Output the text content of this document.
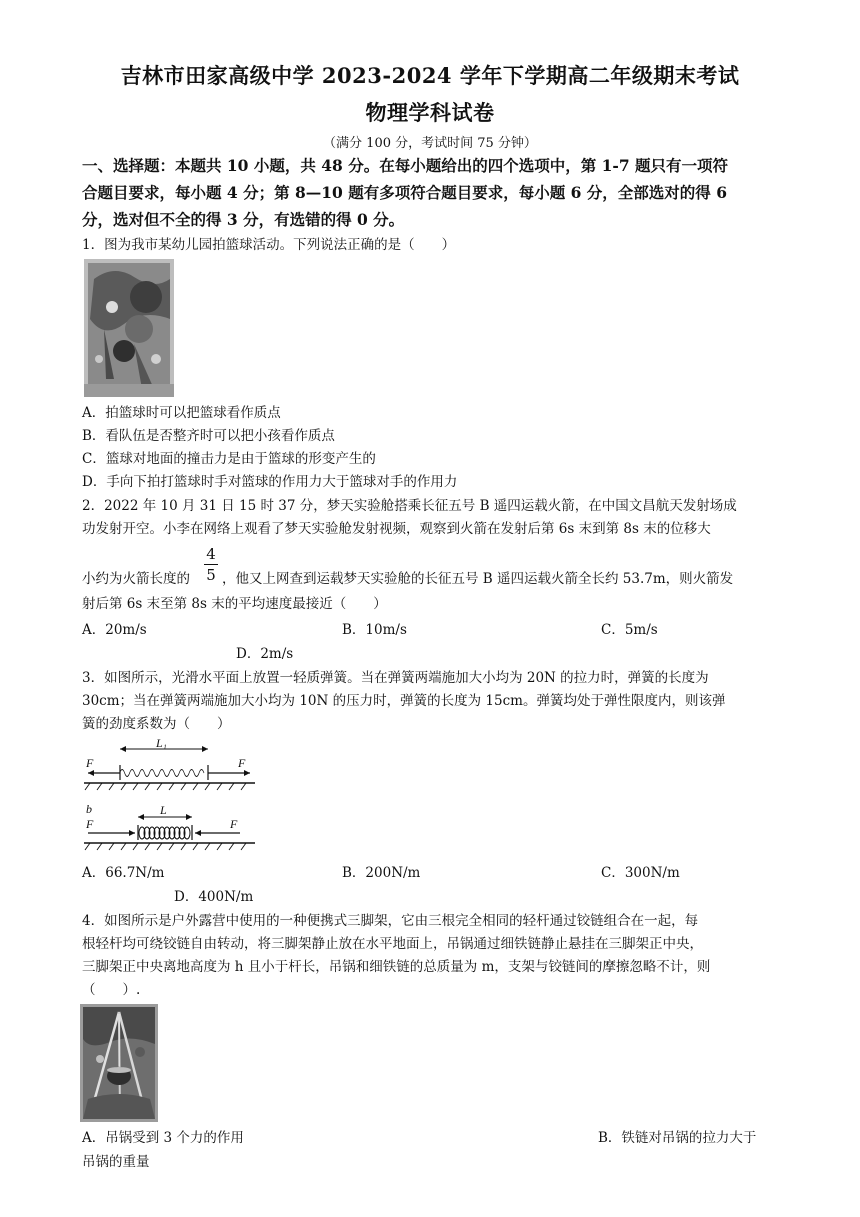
吉林市田家高级中学 2023-2024 学年下学期高二年级期末考试
物理学科试卷
（满分 100 分，考试时间 75 分钟）
一、选择题：本题共 10 小题，共 48 分。在每小题给出的四个选项中，第 1-7 题只有一项符
合题目要求，每小题 4 分；第 8—10 题有多项符合题目要求，每小题 6 分，全部选对的得 6
分，选对但不全的得 3 分，有选错的得 0 分。
1．图为我市某幼儿园拍篮球活动。下列说法正确的是（　　）
A．拍篮球时可以把篮球看作质点
B．看队伍是否整齐时可以把小孩看作质点
C．篮球对地面的撞击力是由于篮球的形变产生的
D．手向下拍打篮球时手对篮球的作用力大于篮球对手的作用力
2．2022 年 10 月 31 日 15 时 37 分，梦天实验舱搭乘长征五号 B 遥四运载火箭，在中国文昌航天发射场成
功发射开空。小李在网络上观看了梦天实验舱发射视频，观察到火箭在发射后第 6s 末到第 8s 末的位移大
小约为火箭长度的
4
5 ，他又上网查到运载梦天实验舱的长征五号 B 遥四运载火箭全长约 53.7m，则火箭发
射后第 6s 末至第 8s 末的平均速度最接近（　　）
A．20m/s	B．10m/s	C．5m/s
D．2m/s
3．如图所示，光滑水平面上放置一轻质弹簧。当在弹簧两端施加大小均为 20N 的拉力时，弹簧的长度为
30cm；当在弹簧两端施加大小均为 10N 的压力时，弹簧的长度为 15cm。弹簧均处于弹性限度内，则该弹
簧的劲度系数为（　　）
L₁
F	F
b
F	F
L
A．66.7N/m	B．200N/m	C．300N/m
D．400N/m
4．如图所示是户外露营中使用的一种便携式三脚架，它由三根完全相同的轻杆通过铰链组合在一起，每
根轻杆均可绕铰链自由转动，将三脚架静止放在水平地面上，吊锅通过细铁链静止悬挂在三脚架正中央，
三脚架正中央离地高度为 h 且小于杆长，吊锅和细铁链的总质量为 m，支架与铰链间的摩擦忽略不计，则
（　　）.
A．吊锅受到 3 个力的作用	B．铁链对吊锅的拉力大于
吊锅的重量
